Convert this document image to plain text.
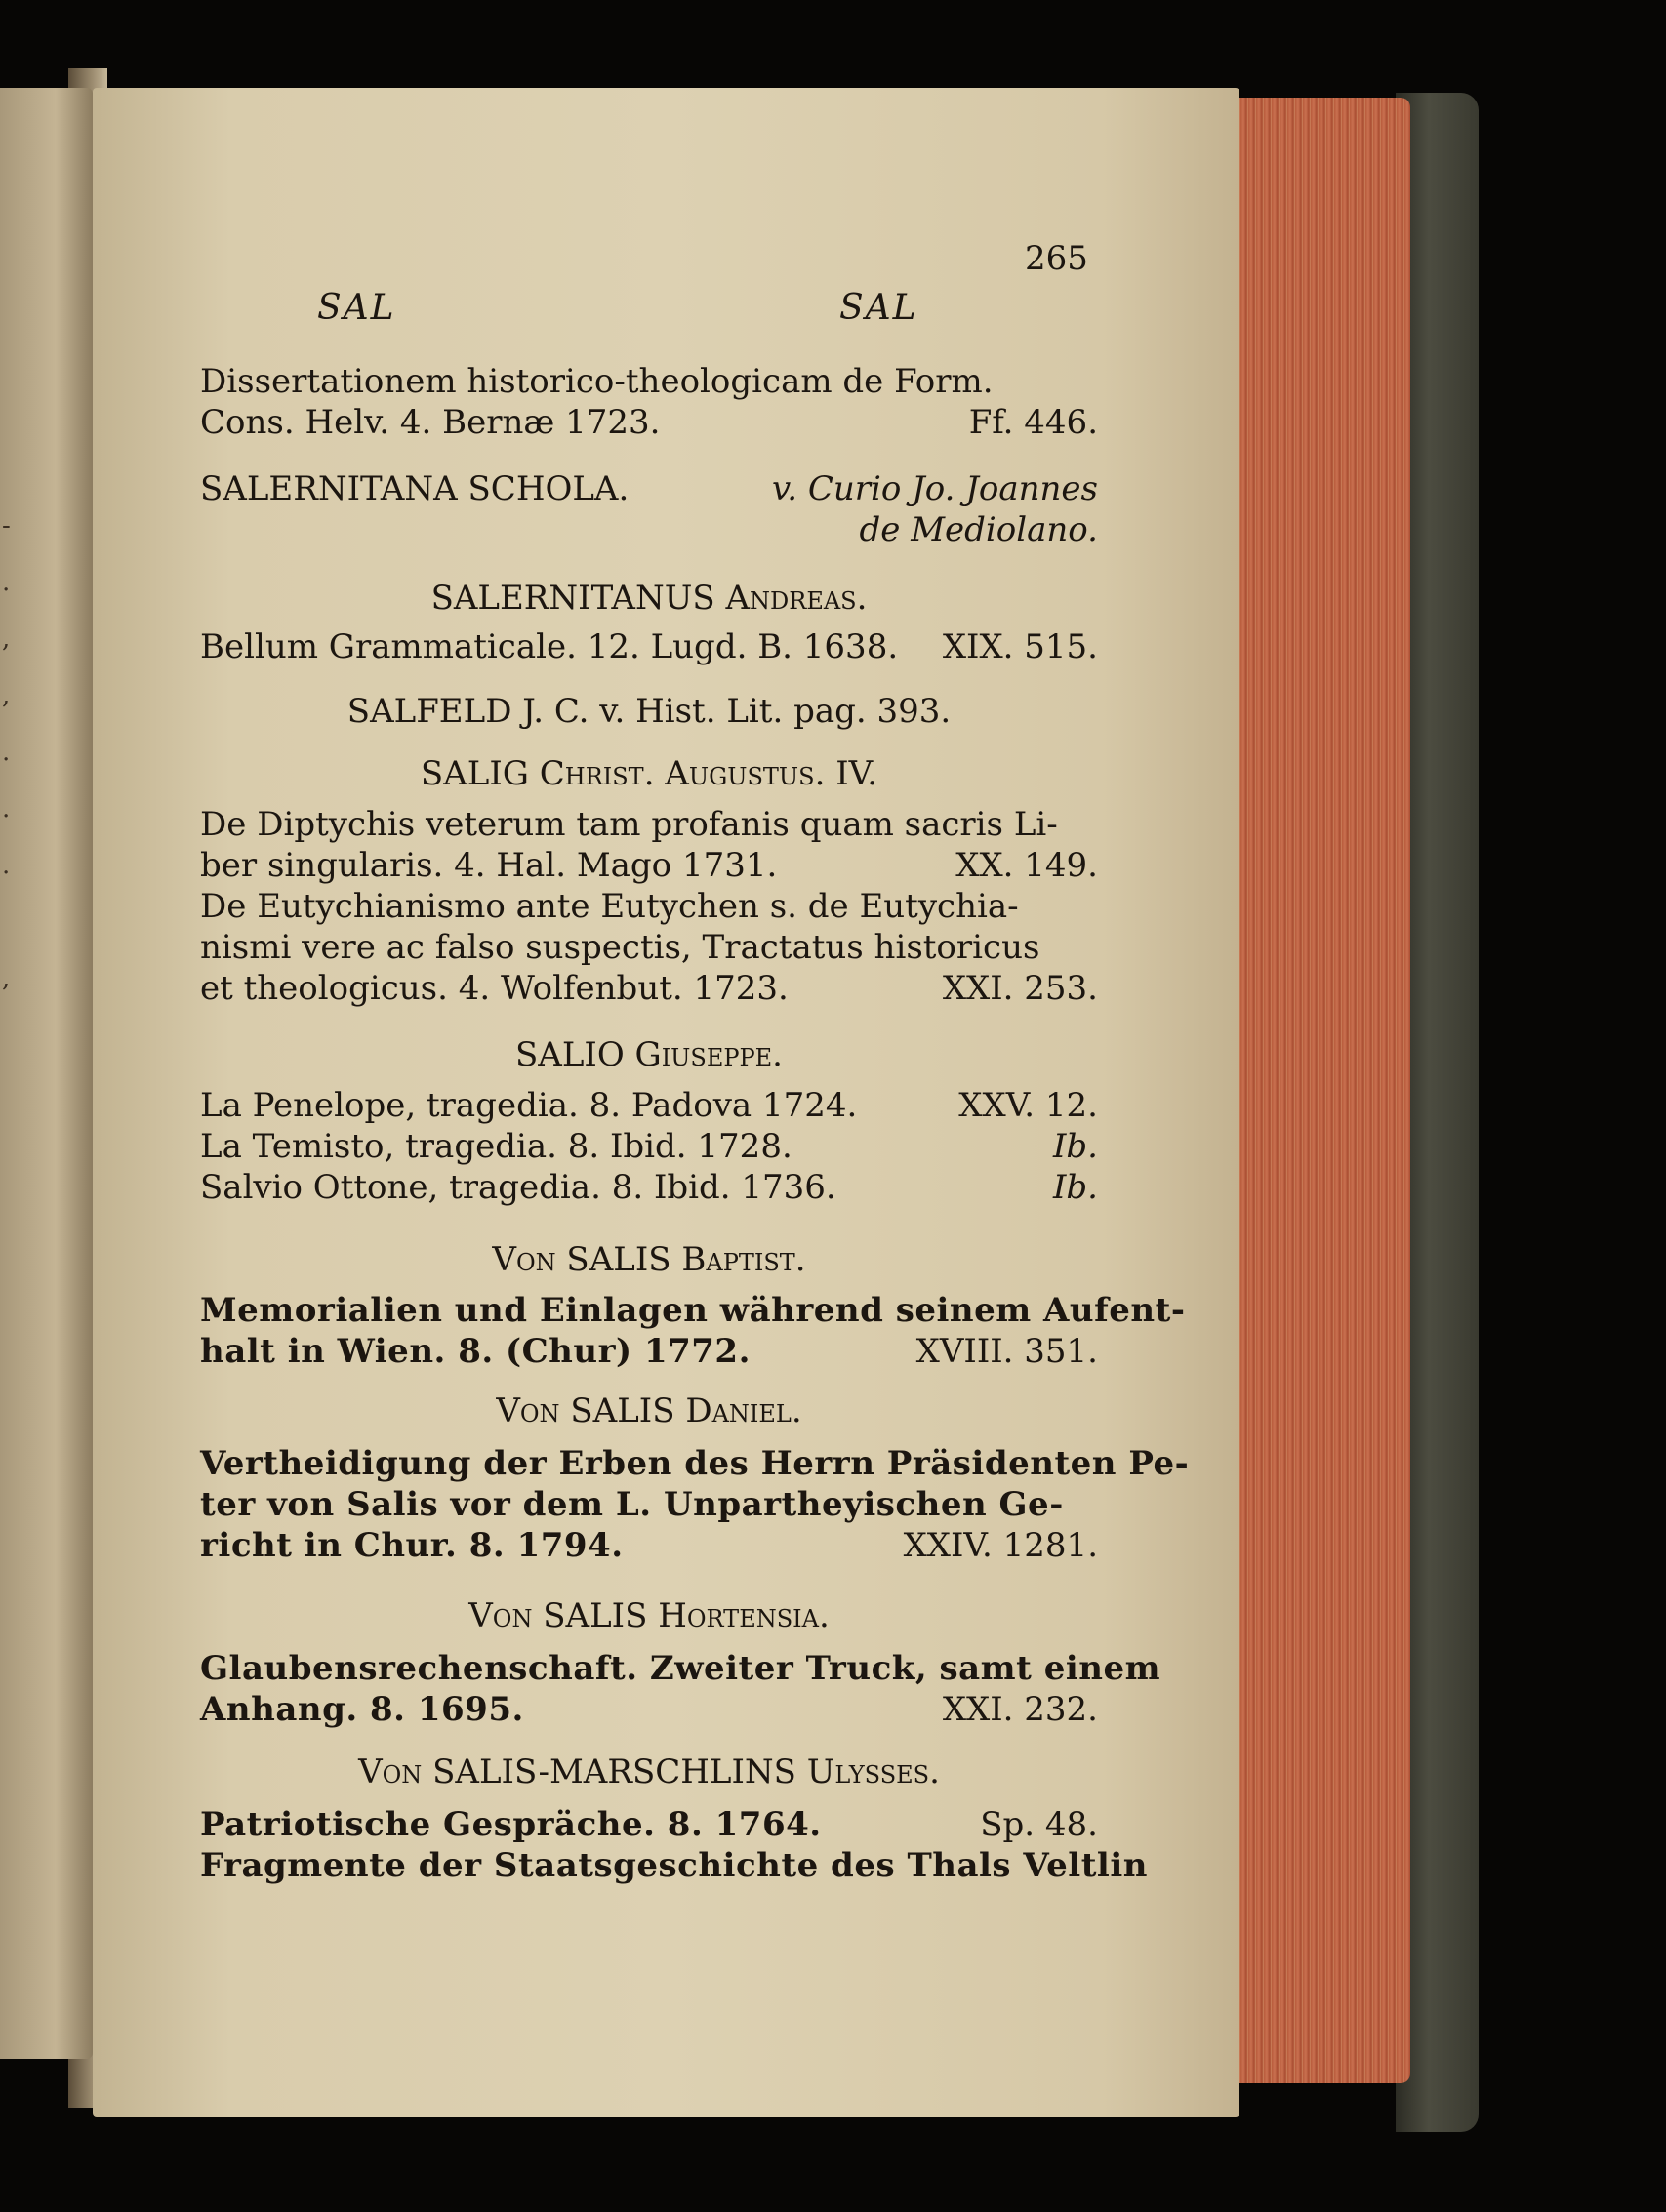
-
.
,
,
.
.
.

,
265
SAL	SAL
Dissertationem historico-theologicam de Form.
Cons. Helv. 4. Bernæ 1723.	Ff. 446.
SALERNITANA SCHOLA.	v. Curio Jo. Joannes
de Mediolano.
SALERNITANUS Andreas.
Bellum Grammaticale. 12. Lugd. B. 1638. XIX. 515.
SALFELD J. C. v. Hist. Lit. pag. 393.
SALIG Christ. Augustus. IV.
De Diptychis veterum tam profanis quam sacris Li-
ber singularis. 4. Hal. Mago 1731.	XX. 149.
De Eutychianismo ante Eutychen s. de Eutychia-
nismi vere ac falso suspectis, Tractatus historicus
et theologicus. 4. Wolfenbut. 1723.	XXI. 253.
SALIO Giuseppe.
La Penelope, tragedia. 8. Padova 1724.	XXV. 12.
La Temisto, tragedia. 8. Ibid. 1728.	Ib.
Salvio Ottone, tragedia. 8. Ibid. 1736.	Ib.
Von SALIS Baptist.
Memorialien und Einlagen während seinem Aufent-
halt in Wien. 8. (Chur) 1772.	XVIII. 351.
Von SALIS Daniel.
Vertheidigung der Erben des Herrn Präsidenten Pe-
ter von Salis vor dem L. Unpartheyischen Ge-
richt in Chur. 8. 1794.	XXIV. 1281.
Von SALIS Hortensia.
Glaubensrechenschaft. Zweiter Truck, samt einem
Anhang. 8. 1695.	XXI. 232.
Von SALIS-MARSCHLINS Ulysses.
Patriotische Gespräche. 8. 1764.	Sp. 48.
Fragmente der Staatsgeschichte des Thals Veltlin
